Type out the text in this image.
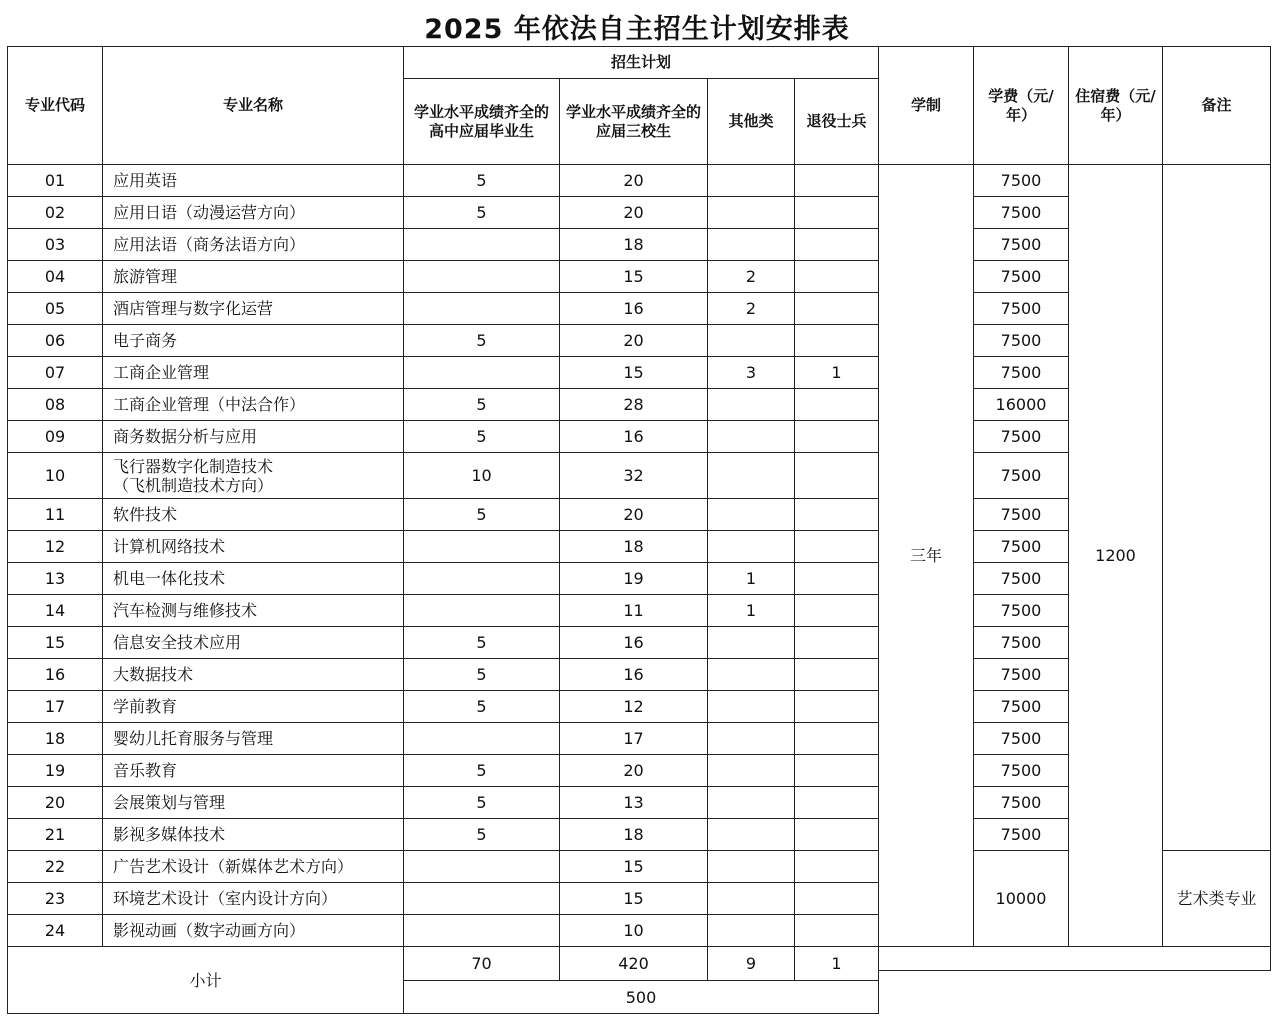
2025 年依法自主招生计划安排表
专业代码	专业名称	招生计划				学制	学费（元/年）	住宿费（元/年）	备注
		学业水平成绩齐全的高中应届毕业生	学业水平成绩齐全的应届三校生	其他类	退役士兵				
01	应用英语	5	20			三年	7500	1200	
02	应用日语（动漫运营方向）	5	20				7500		
03	应用法语（商务法语方向）		18				7500		
04	旅游管理		15	2			7500		
05	酒店管理与数字化运营		16	2			7500		
06	电子商务	5	20				7500		
07	工商企业管理		15	3	1		7500		
08	工商企业管理（中法合作）	5	28				16000		
09	商务数据分析与应用	5	16				7500		
10	飞行器数字化制造技术
（飞机制造技术方向）	10	32				7500		
11	软件技术	5	20				7500		
12	计算机网络技术		18				7500		
13	机电一体化技术		19	1			7500		
14	汽车检测与维修技术		11	1			7500		
15	信息安全技术应用	5	16				7500		
16	大数据技术	5	16				7500		
17	学前教育	5	12				7500		
18	婴幼儿托育服务与管理		17				7500		
19	音乐教育	5	20				7500		
20	会展策划与管理	5	13				7500		
21	影视多媒体技术	5	18				7500		
22	广告艺术设计（新媒体艺术方向）		15				10000		艺术类专业
23	环境艺术设计（室内设计方向）		15						
24	影视动画（数字动画方向）		10						
小计		70	420	9	1				

		500							
